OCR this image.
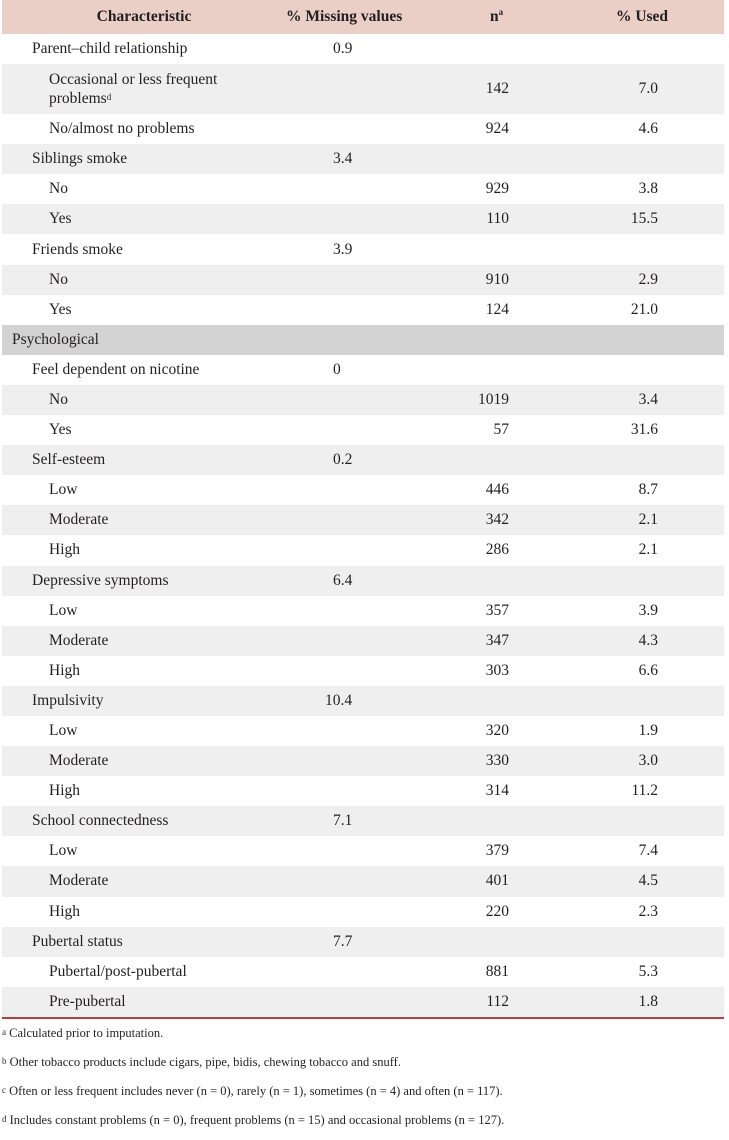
Characteristic	% Missing values	$n^a$	% Used
Parent–child relationship	0.9		
Occasional or less frequent
problems$^d$		142	7.0
No/almost no problems		924	4.6
Siblings smoke	3.4		
No		929	3.8
Yes		110	15.5
Friends smoke	3.9		
No		910	2.9
Yes		124	21.0
Psychological			
Feel dependent on nicotine	0		
No		1019	3.4
Yes		57	31.6
Self-esteem	0.2		
Low		446	8.7
Moderate		342	2.1
High		286	2.1
Depressive symptoms	6.4		
Low		357	3.9
Moderate		347	4.3
High		303	6.6
Impulsivity	10.4		
Low		320	1.9
Moderate		330	3.0
High		314	11.2
School connectedness	7.1		
Low		379	7.4
Moderate		401	4.5
High		220	2.3
Pubertal status	7.7		
Pubertal/post-pubertal		881	5.3
Pre-pubertal		112	1.8
$^a$ Calculated prior to imputation.
$^b$ Other tobacco products include cigars, pipe, bidis, chewing tobacco and snuff.
$^c$ Often or less frequent includes never (n = 0), rarely (n = 1), sometimes (n = 4) and often (n = 117).
$^d$ Includes constant problems (n = 0), frequent problems (n = 15) and occasional problems (n = 127).
